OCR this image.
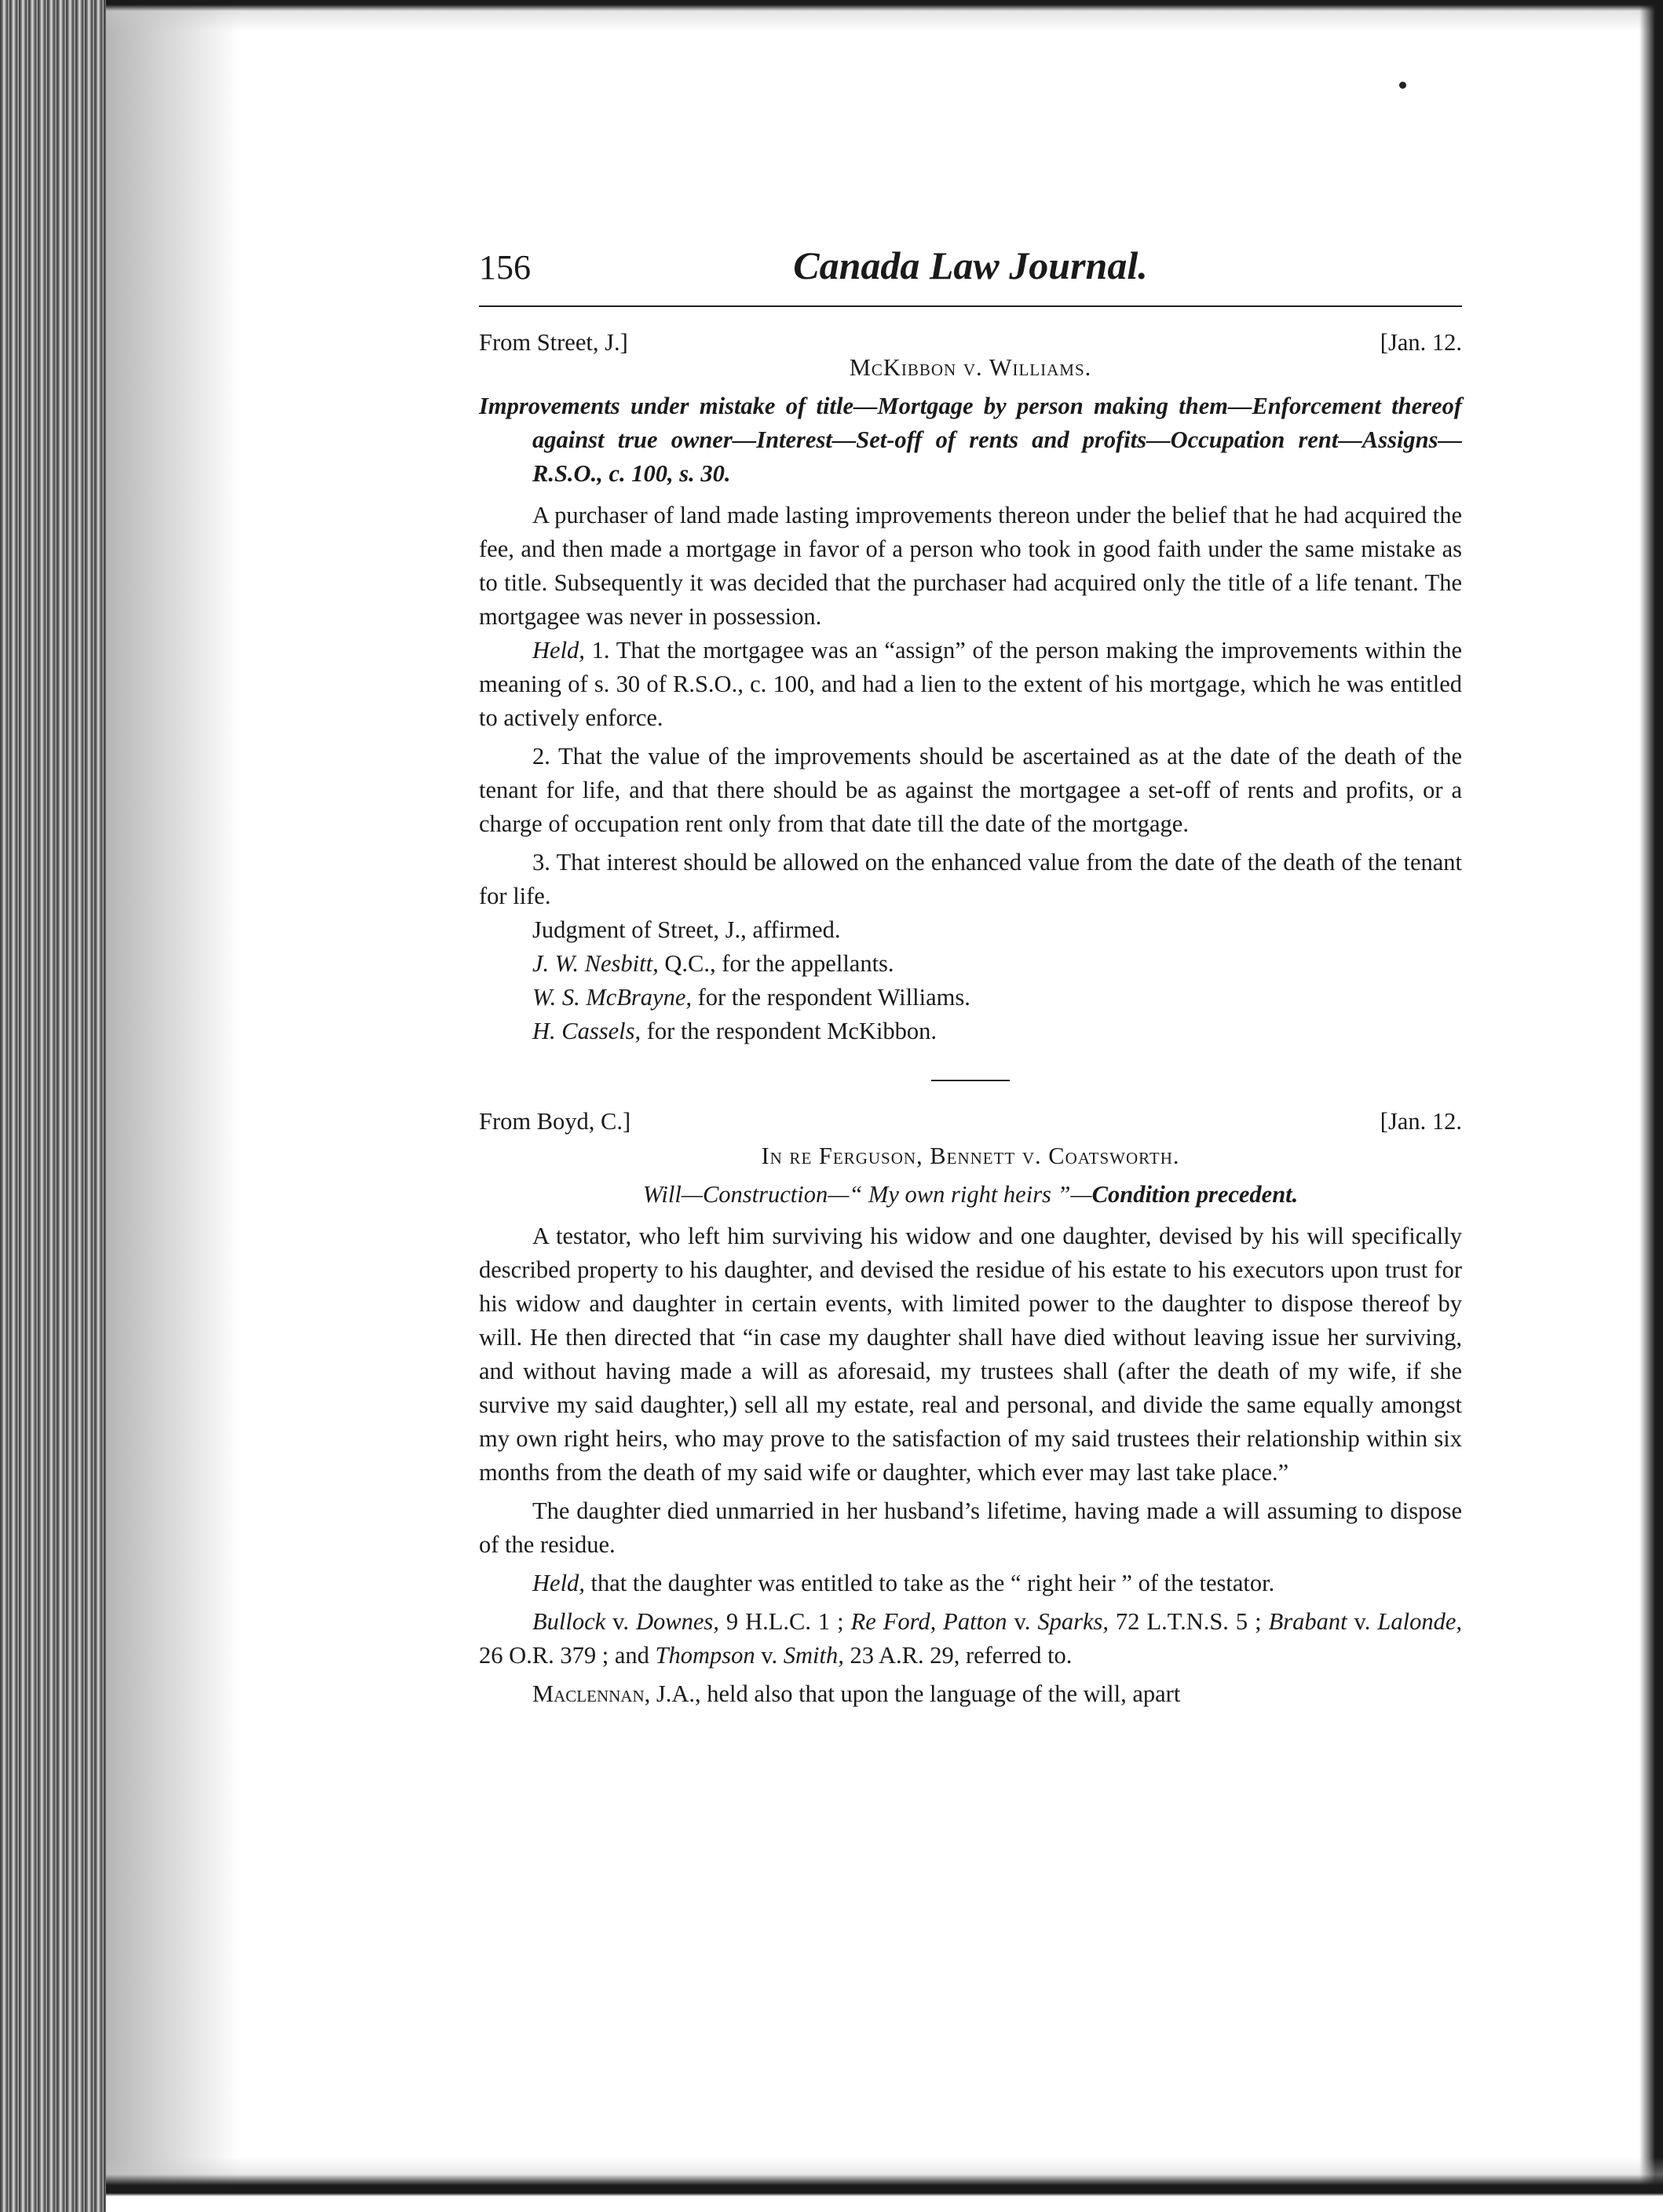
156	Canada Law Journal.
From Street, J.]	[Jan. 12.
McKibbon v. Williams.
Improvements under mistake of title—Mortgage by person making them—Enforcement thereof against true owner—Interest—Set-off of rents and profits—Occupation rent—Assigns—R.S.O., c. 100, s. 30.

A purchaser of land made lasting improvements thereon under the belief that he had acquired the fee, and then made a mortgage in favor of a person who took in good faith under the same mistake as to title. Subsequently it was decided that the purchaser had acquired only the title of a life tenant. The mortgagee was never in possession.

Held, 1. That the mortgagee was an “assign” of the person making the improvements within the meaning of s. 30 of R.S.O., c. 100, and had a lien to the extent of his mortgage, which he was entitled to actively enforce.

2. That the value of the improvements should be ascertained as at the date of the death of the tenant for life, and that there should be as against the mortgagee a set-off of rents and profits, or a charge of occupation rent only from that date till the date of the mortgage.

3. That interest should be allowed on the enhanced value from the date of the death of the tenant for life.

Judgment of Street, J., affirmed.

J. W. Nesbitt, Q.C., for the appellants.

W. S. McBrayne, for the respondent Williams.

H. Cassels, for the respondent McKibbon.

From Boyd, C.]	[Jan. 12.
In re Ferguson, Bennett v. Coatsworth.
Will—Construction—“ My own right heirs ”—Condition precedent.

A testator, who left him surviving his widow and one daughter, devised by his will specifically described property to his daughter, and devised the residue of his estate to his executors upon trust for his widow and daughter in certain events, with limited power to the daughter to dispose thereof by will. He then directed that “in case my daughter shall have died without leaving issue her surviving, and without having made a will as aforesaid, my trustees shall (after the death of my wife, if she survive my said daughter,) sell all my estate, real and personal, and divide the same equally amongst my own right heirs, who may prove to the satisfaction of my said trustees their relationship within six months from the death of my said wife or daughter, which ever may last take place.”

The daughter died unmarried in her husband’s lifetime, having made a will assuming to dispose of the residue.

Held, that the daughter was entitled to take as the “ right heir ” of the testator.

Bullock v. Downes, 9 H.L.C. 1 ; Re Ford, Patton v. Sparks, 72 L.T.N.S. 5 ; Brabant v. Lalonde, 26 O.R. 379 ; and Thompson v. Smith, 23 A.R. 29, referred to.

Maclennan, J.A., held also that upon the language of the will, apart
